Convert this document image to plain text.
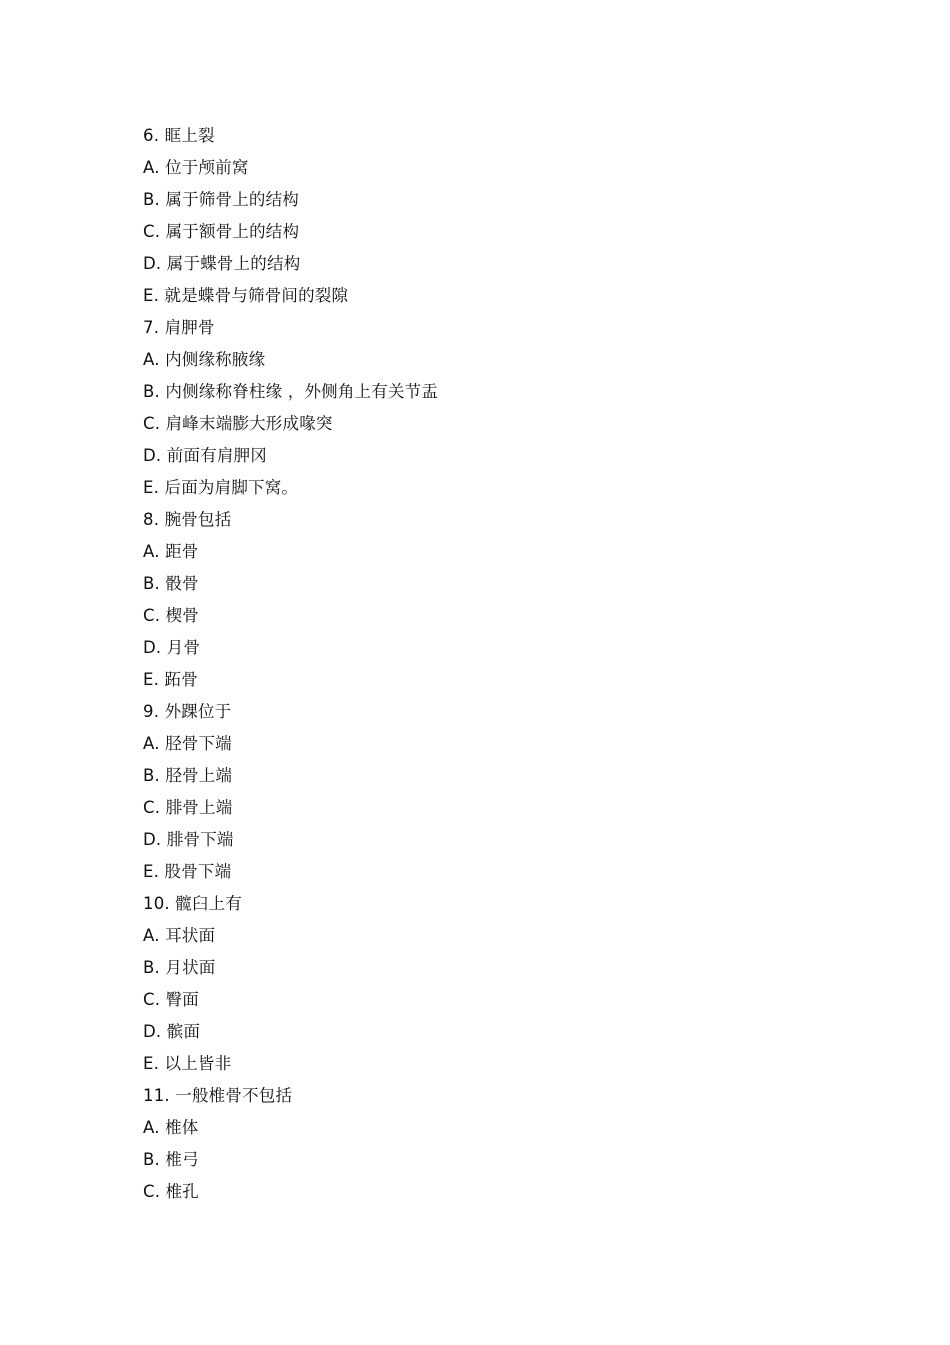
6. 眶上裂
A. 位于颅前窝
B. 属于筛骨上的结构
C. 属于额骨上的结构
D. 属于蝶骨上的结构
E. 就是蝶骨与筛骨间的裂隙
7. 肩胛骨
A. 内侧缘称腋缘
B. 内侧缘称脊柱缘 ，外侧角上有关节盂
C. 肩峰末端膨大形成喙突
D. 前面有肩胛冈
E. 后面为肩脚下窝。
8. 腕骨包括
A. 距骨
B. 骰骨
C. 楔骨
D. 月骨
E. 跖骨
9. 外踝位于
A. 胫骨下端
B. 胫骨上端
C. 腓骨上端
D. 腓骨下端
E. 股骨下端
10. 髋臼上有
A. 耳状面
B. 月状面
C. 臀面
D. 髌面
E. 以上皆非
11. 一般椎骨不包括
A. 椎体
B. 椎弓
C. 椎孔
